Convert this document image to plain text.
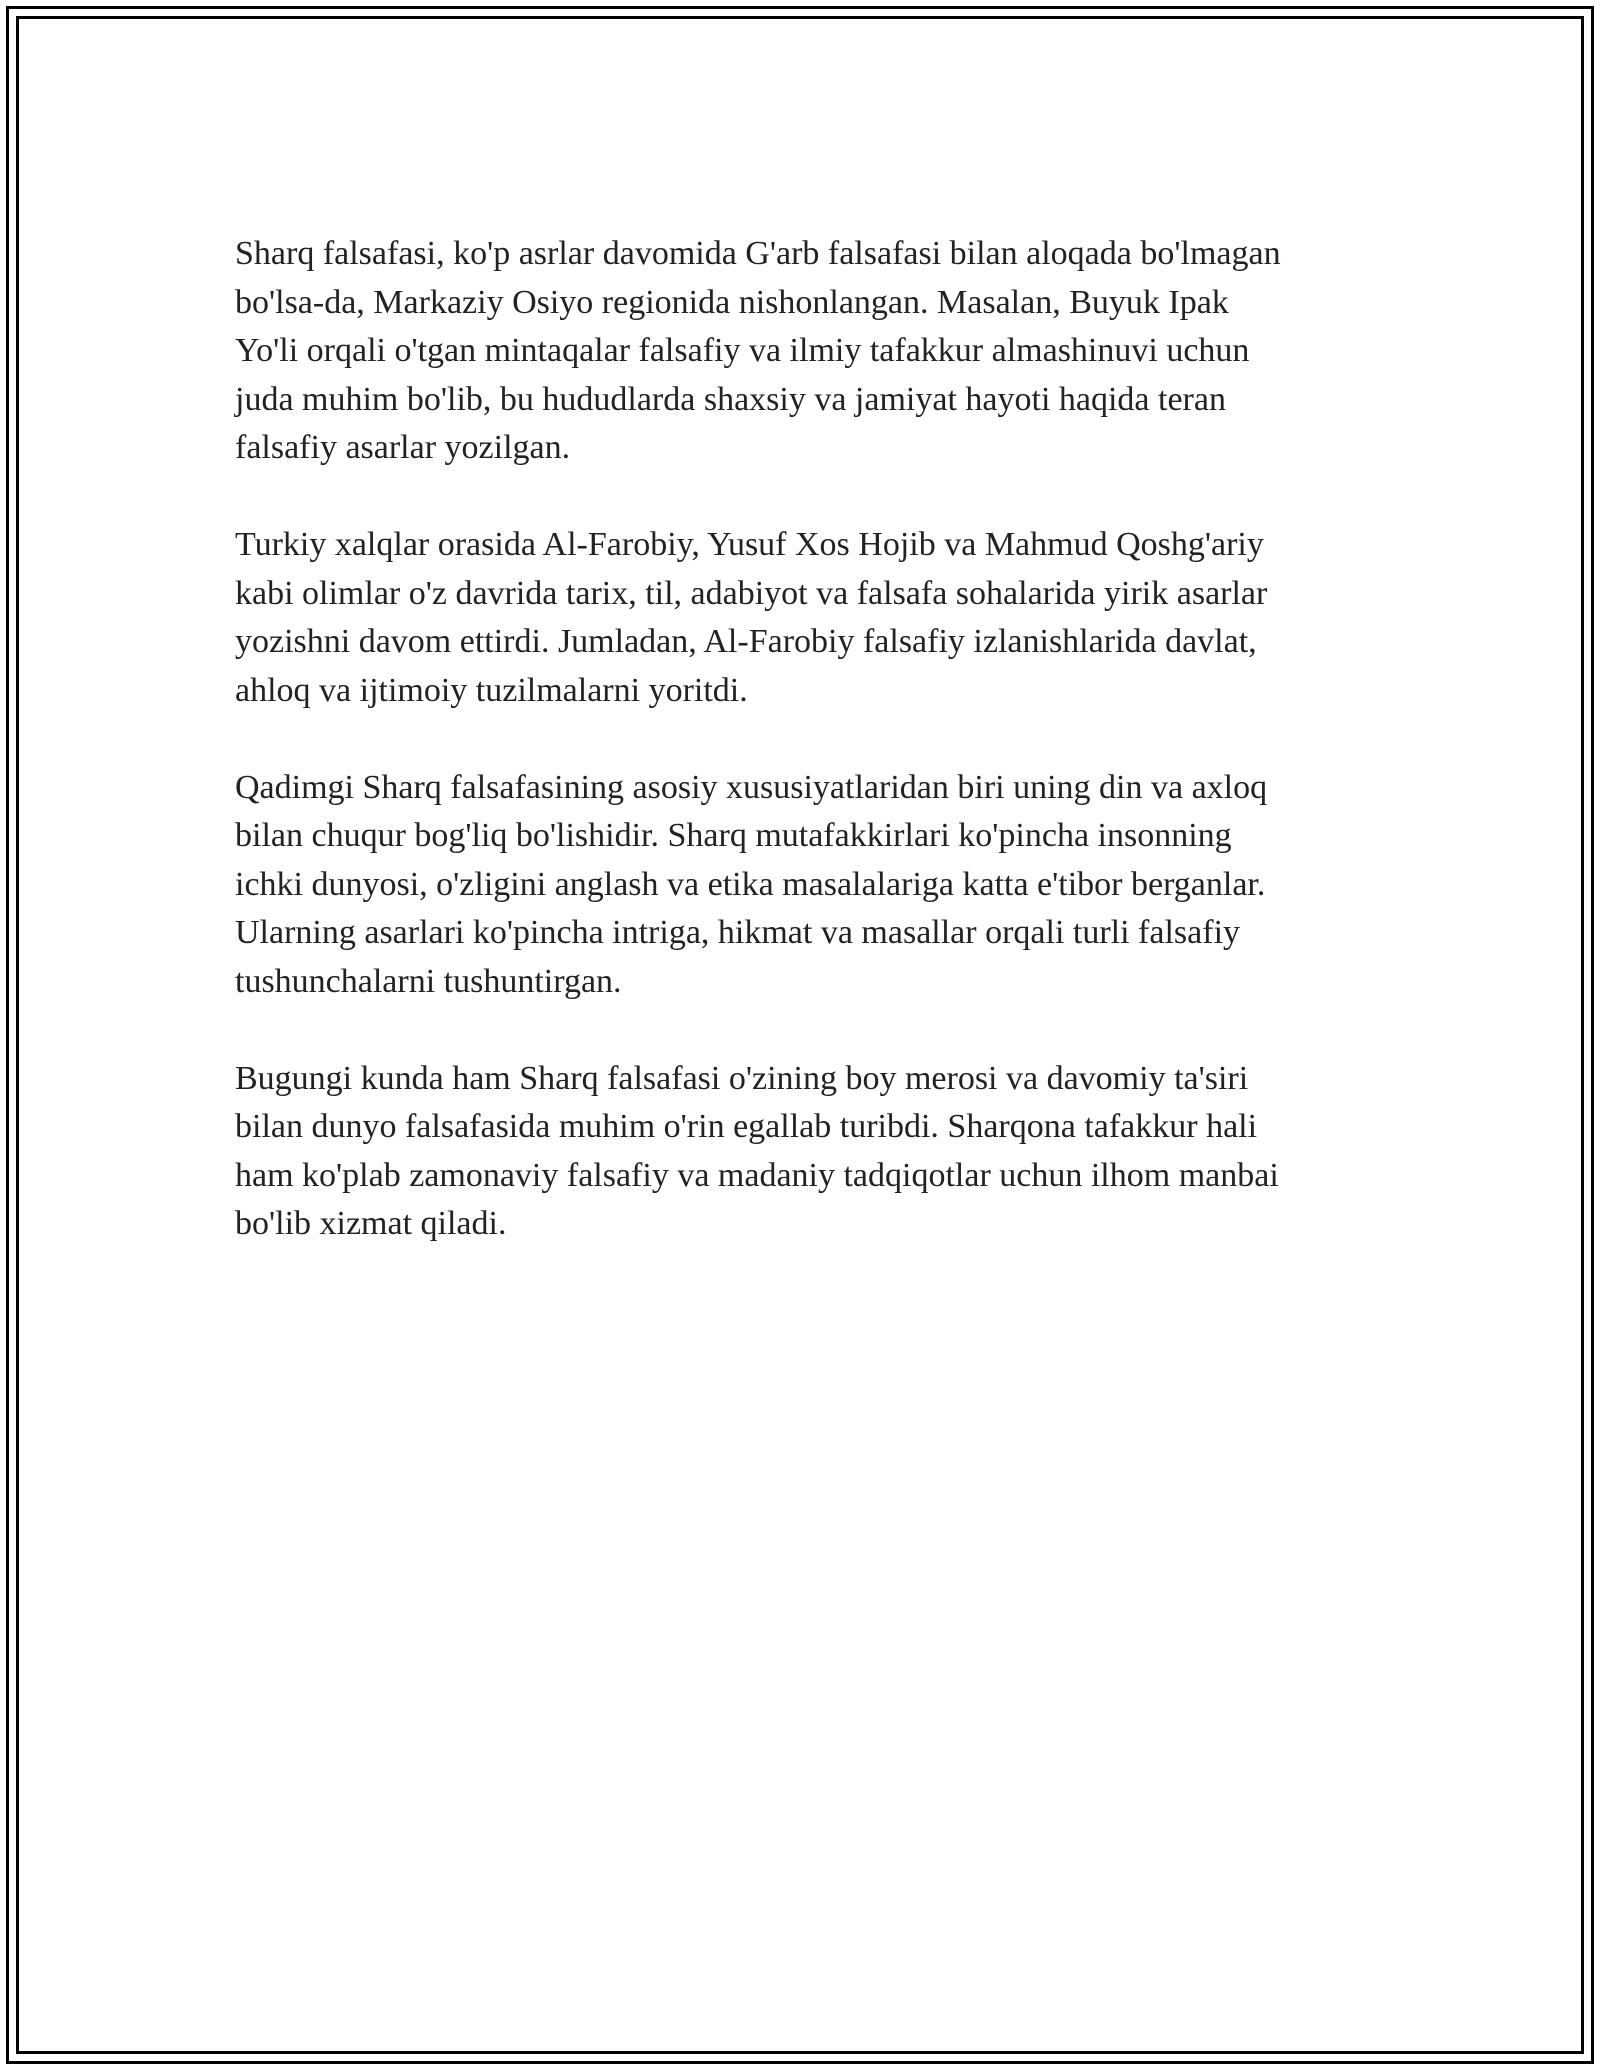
Sharq falsafasi, ko'p asrlar davomida G'arb falsafasi bilan aloqada bo'lmagan
bo'lsa-da, Markaziy Osiyo regionida nishonlangan. Masalan, Buyuk Ipak
Yo'li orqali o'tgan mintaqalar falsafiy va ilmiy tafakkur almashinuvi uchun
juda muhim bo'lib, bu hududlarda shaxsiy va jamiyat hayoti haqida teran
falsafiy asarlar yozilgan.

Turkiy xalqlar orasida Al-Farobiy, Yusuf Xos Hojib va Mahmud Qoshg'ariy
kabi olimlar o'z davrida tarix, til, adabiyot va falsafa sohalarida yirik asarlar
yozishni davom ettirdi. Jumladan, Al-Farobiy falsafiy izlanishlarida davlat,
ahloq va ijtimoiy tuzilmalarni yoritdi.

Qadimgi Sharq falsafasining asosiy xususiyatlaridan biri uning din va axloq
bilan chuqur bog'liq bo'lishidir. Sharq mutafakkirlari ko'pincha insonning
ichki dunyosi, o'zligini anglash va etika masalalariga katta e'tibor berganlar.
Ularning asarlari ko'pincha intriga, hikmat va masallar orqali turli falsafiy
tushunchalarni tushuntirgan.

Bugungi kunda ham Sharq falsafasi o'zining boy merosi va davomiy ta'siri
bilan dunyo falsafasida muhim o'rin egallab turibdi. Sharqona tafakkur hali
ham ko'plab zamonaviy falsafiy va madaniy tadqiqotlar uchun ilhom manbai
bo'lib xizmat qiladi.
